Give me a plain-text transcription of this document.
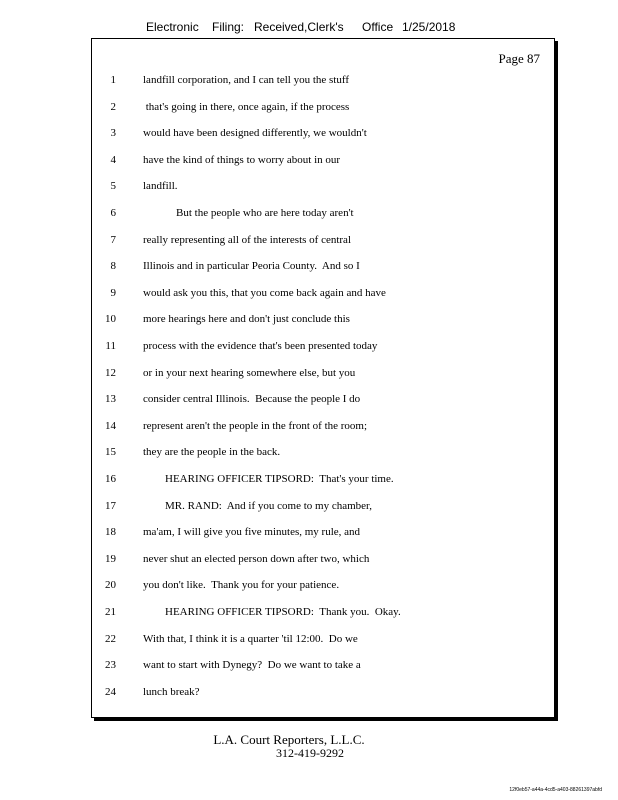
Electronic Filing: Received,Clerk's Office 1/25/2018
Page 87
1 landfill corporation, and I can tell you the stuff
2 that's going in there, once again, if the process
3 would have been designed differently, we wouldn't
4 have the kind of things to worry about in our
5 landfill.
6 But the people who are here today aren't
7 really representing all of the interests of central
8 Illinois and in particular Peoria County.  And so I
9 would ask you this, that you come back again and have
10 more hearings here and don't just conclude this
11 process with the evidence that's been presented today
12 or in your next hearing somewhere else, but you
13 consider central Illinois.  Because the people I do
14 represent aren't the people in the front of the room;
15 they are the people in the back.
16 HEARING OFFICER TIPSORD:  That's your time.
17 MR. RAND:  And if you come to my chamber,
18 ma'am, I will give you five minutes, my rule, and
19 never shut an elected person down after two, which
20 you don't like.  Thank you for your patience.
21 HEARING OFFICER TIPSORD:  Thank you.  Okay.
22 With that, I think it is a quarter 'til 12:00.  Do we
23 want to start with Dynegy?  Do we want to take a
24 lunch break?
L.A. Court Reporters, L.L.C.
312-419-9292
12f0eb57-a44a-4cd5-a403-88261397abfd
